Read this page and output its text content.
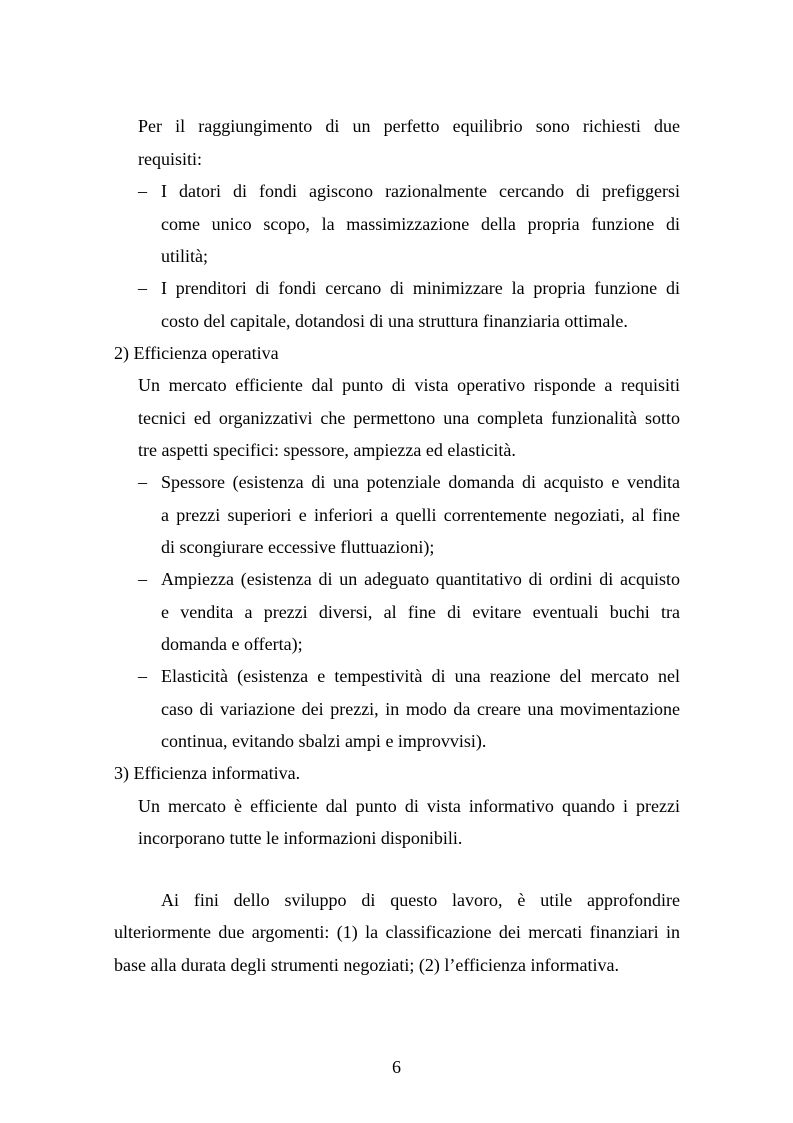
Per il raggiungimento di un perfetto equilibrio sono richiesti due
requisiti:
– I datori di fondi agiscono razionalmente cercando di prefiggersi
come unico scopo, la massimizzazione della propria funzione di
utilità;
– I prenditori di fondi cercano di minimizzare la propria funzione di
costo del capitale, dotandosi di una struttura finanziaria ottimale.
2) Efficienza operativa
Un mercato efficiente dal punto di vista operativo risponde a requisiti
tecnici ed organizzativi che permettono una completa funzionalità sotto
tre aspetti specifici: spessore, ampiezza ed elasticità.
– Spessore (esistenza di una potenziale domanda di acquisto e vendita
a prezzi superiori e inferiori a quelli correntemente negoziati, al fine
di scongiurare eccessive fluttuazioni);
– Ampiezza (esistenza di un adeguato quantitativo di ordini di acquisto
e vendita a prezzi diversi, al fine di evitare eventuali buchi tra
domanda e offerta);
– Elasticità (esistenza e tempestività di una reazione del mercato nel
caso di variazione dei prezzi, in modo da creare una movimentazione
continua, evitando sbalzi ampi e improvvisi).
3) Efficienza informativa.
Un mercato è efficiente dal punto di vista informativo quando i prezzi
incorporano tutte le informazioni disponibili.
Ai fini dello sviluppo di questo lavoro, è utile approfondire
ulteriormente due argomenti: (1) la classificazione dei mercati finanziari in
base alla durata degli strumenti negoziati; (2) l’efficienza informativa.
6
